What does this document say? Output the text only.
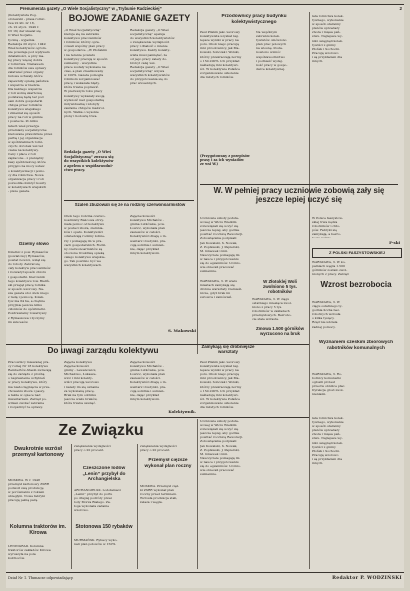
Prenumerata gazety „O Wiele Socjalistyczny” w „Trybunie Radzieckiej”	2
(Kolektywista Pog-
orolewski - prasa rolnic-
twa 22 ktl. nr 18,
ch. 22 stycz. 1949 r.
Nr 16) dar ukazał się
O Wieś Socjalis-
tyczną - wyjaśnia
Redakcja 20 stycz. 1949
Wieś kolektywów ogrom-
nie powstaje pod wpływem
działalności, a przy ma-
łej pracy więcej dobra
z rolnictwa. Niebawem
dla rolników swe sprawy
załatwiać przez organy
ludowe uchwały, które
zapewniły opieką państwa
i wsparcie w biedzie.
Dla każdego wsparcia
z roli wolną skarbową
podstawą będą też pod
sam dobra gospodarki
chłopa przez rolników
kolektywu wiejskiego
i zmieniał się sposób
pracy na roli w gminie
i powiecie. Po kilku
latach wieś przeżyje
przemiany socjalistyczne
kierowane prawdziwie przez
partię i jej organizacje
w spółdzielniach rolni-
czych; dorobek wsi też
czeka na kolektywy.
Ceny i płace z roli
zapłacone - z pieniędzy
kasy spółdzielczej, które
przyjęto na mocy ustaw
o kolektywizacji i pomo-
cy dla rolnictwa. Nowa
organizacja pracy i roli
pozwoliła obniżyć koszty
w kolektywach wiejskich
- pisze gazeta.
Dzielny słowo
Dzielnic z pow. Rymaszów
(powiatowy) Rymaszów,
powiat Łowicz, wziął się
do roboty. Zebrał się
cały kolektyw pracowników
i rozważył sposób zbioru
i gospodarki. Kierownik
tego kolektywu tow. Bieliń-
ski przejął pracę rolnika
w sposób wzorowy. Na-
sza gazeta stoi obok niego
z radą i pomocą. Kolek-
tyw ma 64 ha, a chętnie
przyjmie jeszcze kilku
członków do spółdzielni.
Pozdrawiamy towarzyszy
z Rymaszowa i życzymy
im sukcesów.
BOJOWE ZADANIE GAZETY
„O Wieś Socjalistyczną”
kieruje się na zebraniu
kolektywu pracowników
i rolników, którzy opra-
cowali wspólny plan pracy
w gospodarce. „W Płońskim
i na terenie powiatu
kolektywy pracują w sposób
sumienny - wszystkie
prace zostały wykonane na
czas, a plan zrealizowany
w 100%. Gazeta pomogła
rolnikom zorganizować
pracę i wskazała błędy,
które trzeba poprawić.
W pierwszym roku pracy
kolektywy wykazały swoją
wyższość nad gospodarką
indywidualną i zdobyły
zaufanie chłopów małorol-
nych. Walka o wysokie
plony i hodowlę trwa.
Redakcja gazety „O Wieś
socjalistyczną” apeluje
do wszystkich kolektywistów
o zwiększenie wydajności
pracy i dbałość o mienie
kolektywu. Każdy kolekty-
wista musi pamiętać, że
od jego pracy zależy do-
brobyt całej wsi.
Redakcja gazety „O Wieś
socjalistyczną” wzywa
wszystkich kolektywistów
do przygotowania się do
prac wiosennych.
Redakcja gazety „O Wieś
Socjalistyczną” zwraca się
do wszystkich kolektywów
z apelem o współzawodni-
ctwo pracy.
Szaleń zbuzowali się ze na rodziny czerwonoarmistów
Obok tego rodzina czerwo-
noarmisty Bielcowa otrzy-
mała pomoc od kolektywu
w postaci zboża, ziemnia-
ków i opału. Kolektywiści
odwiedzają rodziny żołnie-
rzy i pomagają im w pra-
cach gospodarskich. Rodzi-
ny czerwonoarmistów są
otoczone troskliwą opieką
całego kolektywu wiejskie-
go. Tak powinno być we
wszystkich kolektywach.
Zajęcieckowości
kolektywu Michałów -
gmina Lutkówka, pow.
Łowicz, wykonała plan
zasiewów w całości.
Kolektywiści dbają o in-
wentarz i budynki, pra-
cują solidnie i sumien-
nie, dając przykład
innym kolektywom.
S. Makowski
Przodownicy pracy budynku kolektywistycznego
Paul Pliskin jako wzorowy
kolektywista uzyskał naj-
lepsze wyniki w pracy na
polu. Obok niego pracują
inni przodownicy, jak Ma-
kowski, Sobczak i Wolski,
którzy przekraczają normy
o 150-200%. Ich przykład
naśladują inni kolektywi-
ści. W kolektywie Połańce
zorganizowano szkolenie
dla młodych rolników.
Na wspólnym
zebraniu kolek-
tywistów omówiono
plan prac polowych
na wiosnę. Posta-
nowiono wzmóc
współzawodnictwo
i podnieść wydaj-
ność pracy w gospo-
darce kolektywnej.
(Przygotowany z przepisów
prasy i za ich wywiadów
ze wsi W.)
W. W pełniej pracy uczniowie zobowią zały się jeszcze lepiej uczyć się
Uczniowie szkoły podsta-
wowej w Wiciu Wielkim
zobowiązali się uczyć się
jeszcze lepiej, aby godnie
powitać rocznicę Rewolucji.
Zobowiązanie podpisali:
Jan Kowalski, S. Nowak,
Z. Popławski, J. Papierski,
M. Gniewek i inni.
Nauczyciele pomagają im
w nauce i przygotowaniu
się do egzaminów. Ucznio-
wie obiecali pracować
sumiennie.
W Złotoklej Woli zwolniono 5 tys. robotników
WARSZAWA, 3. W ciągu
ostatniego miesiąca zwol-
niono z pracy 5 tys.
robotników w zakładach
przemysłowych. Bezrobo-
cie stale wzrasta.
WARSZAWA, 3. W wielu
miastach zamykają się
drobne warsztaty rzemieśl-
nicze, gdyż brak im
surowca i zamówień.
Zmowa 1.500 górników wyrzucono na bruk
lata rolnictwa kolek-
tywnego, wykonanie
w sposób staranny
planów sprzedaży
zboża i mięsa pań-
stwu. Najlepsze wy-
niki osiągnęli kolek-
tywiści z gminy
Płońsk i Sochocin.
Pracują wzorowo
i są przykładem dla
innych.
F-ski
W Polsce faszystow-
skiej trwa nędza
robotników i chło-
pów. Fabryki się
zamykają, a bezro-
Z POLSKI FASZYSTOWSKIEJ
WARSZAWA, 3. W ko-
palniach węgla 1.500
górników zostało zwol-
nionych z pracy. Zarząd
Wzrost bezrobocia
WARSZAWA, 3. W
ciągu ostatniego ty-
godnia liczba bez-
robotnych wzrosła
o kilka tysięcy.
Rząd nie udziela
żadnej pomocy.
Do uwagi zarządu kolektywu
Pracownicy mieszanej pra-
cy rolnej Nr 18 kolektywu
Rembertów-Stasin zwracają
się do zarządu z prośbą
o naprawienie uchybień
w pracy kolektywu, który
ma niedociągnięcia w prze-
chowaniu zboża i paszy,
a także w opiece nad
inwentarzem. Zarząd po-
winien zwołać zebranie
i rozpatrzyć te sprawy.
Zajęcie kolektywu
Zajęcieckowości
gminy - Lewanowicz,
Michałowo, Łukasze-
wicz i inni kolekty-
wiści pracują wzorowo
i należy im się uznanie
za wykonaną pracę.
Brak na tym odcinku
jeszcze wielu braków,
które trzeba usunąć.
Zajęcieckowości
kolektywu Michałów -
gmina Lutkówka, pow.
Łowicz, wykonała plan
zasiewów w całości.
Kolektywiści dbają o in-
wentarz i budynki, pra-
cują solidnie i sumien-
nie, dając przykład
innym kolektywom.
Kolektywnik.
Zamykają się drobniejsze warsztaty
Paul Pliskin jako wzorowy
kolektywista uzyskał naj-
lepsze wyniki w pracy na
polu. Obok niego pracują
inni przodownicy, jak Ma-
kowski, Sobczak i Wolski,
którzy przekraczają normy
o 150-200%. Ich przykład
naśladują inni kolektywi-
ści. W kolektywie Połańce
zorganizowano szkolenie
dla młodych rolników.
Wyznaniem czeskim zbiorowych rabotników komunalnych
WARSZAWA, 3. Ro-
botnicy komunalni
ogłosili protest
przeciw obniżce płac.
Dyrekcja grozi zwol-
nieniami.
Ze Związku
Dwukrotnie wzrósł przemysł kartonowy
MOSKWA. W r. 1948
przemysł kartonowy ZSRR
podwoił swą produkcję
w porównaniu z rokiem
ubiegłym. Nowe fabryki
pracują pełną parą.
Kolumna traktorów im. Kirowa
LENINGRAD. Kolumna
traktorów zakładów Kirowa
wyruszyła na pola
kołchozów.
zwiększenia wydajności
pracy o 20 procent.
Czeszczone lodów „Lenin” przybył do Archangielska
ARCHANGIELSK. Lodołamacz
„Lenin” przybył do portu
po długiej podróży przez
lody Morza Białego. Za-
łoga wykonała zadanie
wzorowo.
Stotonowa 150 rybaków
MURMAŃSK. Rybacy wyko-
nali plan połowów w 150%.
zwiększenia wydajności
pracy o 20 procent.
Przemysł cięższe wykonał plan roczny
MOSKWA. Przemysł cięż-
ki ZSRR wykonał plan
roczny przed terminem.
Wzrosła produkcja stali,
żelaza i węgla.
Uczniowie szkoły podsta-
wowej w Wiciu Wielkim
zobowiązali się uczyć się
jeszcze lepiej, aby godnie
powitać rocznicę Rewolucji.
Zobowiązanie podpisali:
Jan Kowalski, S. Nowak,
Z. Popławski, J. Papierski,
M. Gniewek i inni.
Nauczyciele pomagają im
w nauce i przygotowaniu
się do egzaminów. Ucznio-
wie obiecali pracować
sumiennie.
lata rolnictwa kolek-
tywnego, wykonanie
w sposób staranny
planów sprzedaży
zboża i mięsa pań-
stwu. Najlepsze wy-
niki osiągnęli kolek-
tywiści z gminy
Płońsk i Sochocin.
Pracują wzorowo
i są przykładem dla
innych.
Dział Nr 1. Tłumacze odpowiadający.	Redaktor P. WODZIŃSKI
